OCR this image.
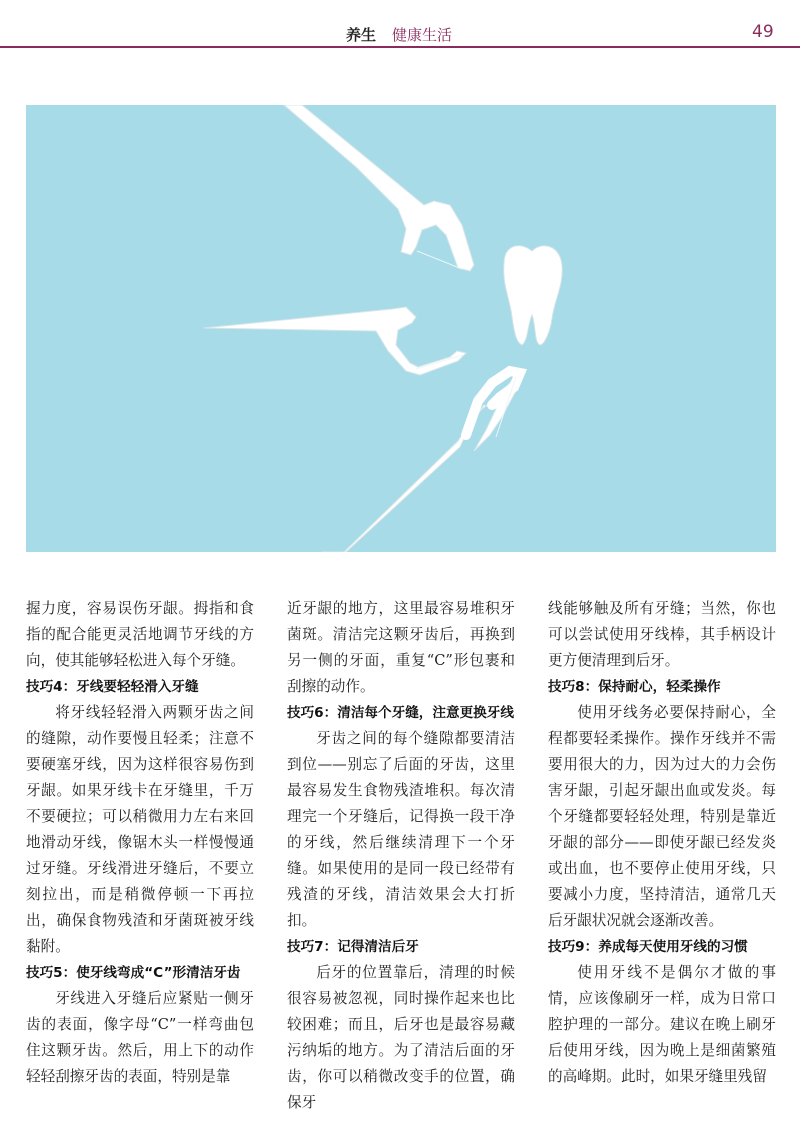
养生 健康生活	49

握力度，容易误伤牙龈。拇指和食指的配合能更灵活地调节牙线的方向，使其能够轻松进入每个牙缝。

技巧4：牙线要轻轻滑入牙缝

将牙线轻轻滑入两颗牙齿之间的缝隙，动作要慢且轻柔；注意不要硬塞牙线，因为这样很容易伤到牙龈。如果牙线卡在牙缝里，千万不要硬拉；可以稍微用力左右来回地滑动牙线，像锯木头一样慢慢通过牙缝。牙线滑进牙缝后，不要立刻拉出，而是稍微停顿一下再拉出，确保食物残渣和牙菌斑被牙线黏附。

技巧5：使牙线弯成“C”形清洁牙齿

牙线进入牙缝后应紧贴一侧牙齿的表面，像字母“C”一样弯曲包住这颗牙齿。然后，用上下的动作轻轻刮擦牙齿的表面，特别是靠

近牙龈的地方，这里最容易堆积牙菌斑。清洁完这颗牙齿后，再换到另一侧的牙面，重复“C”形包裹和刮擦的动作。

技巧6：清洁每个牙缝，注意更换牙线

牙齿之间的每个缝隙都要清洁到位——别忘了后面的牙齿，这里最容易发生食物残渣堆积。每次清理完一个牙缝后，记得换一段干净的牙线，然后继续清理下一个牙缝。如果使用的是同一段已经带有残渣的牙线，清洁效果会大打折扣。

技巧7：记得清洁后牙

后牙的位置靠后，清理的时候很容易被忽视，同时操作起来也比较困难；而且，后牙也是最容易藏污纳垢的地方。为了清洁后面的牙齿，你可以稍微改变手的位置，确保牙

线能够触及所有牙缝；当然，你也可以尝试使用牙线棒，其手柄设计更方便清理到后牙。

技巧8：保持耐心，轻柔操作

使用牙线务必要保持耐心，全程都要轻柔操作。操作牙线并不需要用很大的力，因为过大的力会伤害牙龈，引起牙龈出血或发炎。每个牙缝都要轻轻处理，特别是靠近牙龈的部分——即使牙龈已经发炎或出血，也不要停止使用牙线，只要减小力度，坚持清洁，通常几天后牙龈状况就会逐渐改善。

技巧9：养成每天使用牙线的习惯

使用牙线不是偶尔才做的事情，应该像刷牙一样，成为日常口腔护理的一部分。建议在晚上刷牙后使用牙线，因为晚上是细菌繁殖的高峰期。此时，如果牙缝里残留
